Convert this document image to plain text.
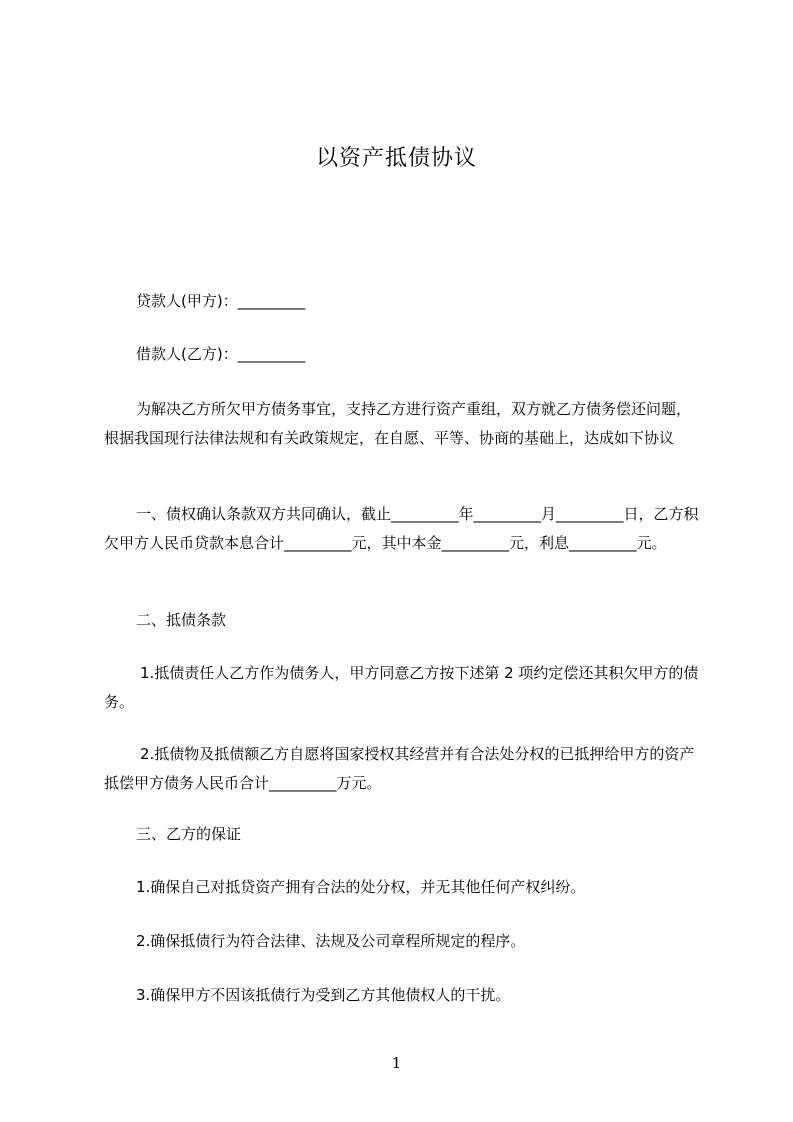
以资产抵债协议
贷款人(甲方)：_________
借款人(乙方)：_________
为解决乙方所欠甲方债务事宜，支持乙方进行资产重组，双方就乙方债务偿还问题，根据我国现行法律法规和有关政策规定，在自愿、平等、协商的基础上，达成如下协议
一、债权确认条款双方共同确认，截止_________年_________月_________日，乙方积欠甲方人民币贷款本息合计_________元，其中本金_________元，利息_________元。
二、抵债条款
1.抵债责任人乙方作为债务人，甲方同意乙方按下述第 2 项约定偿还其积欠甲方的债务。
2.抵债物及抵债额乙方自愿将国家授权其经营并有合法处分权的已抵押给甲方的资产抵偿甲方债务人民币合计_________万元。
三、乙方的保证
1.确保自己对抵贷资产拥有合法的处分权，并无其他任何产权纠纷。
2.确保抵债行为符合法律、法规及公司章程所规定的程序。
3.确保甲方不因该抵债行为受到乙方其他债权人的干扰。
1
